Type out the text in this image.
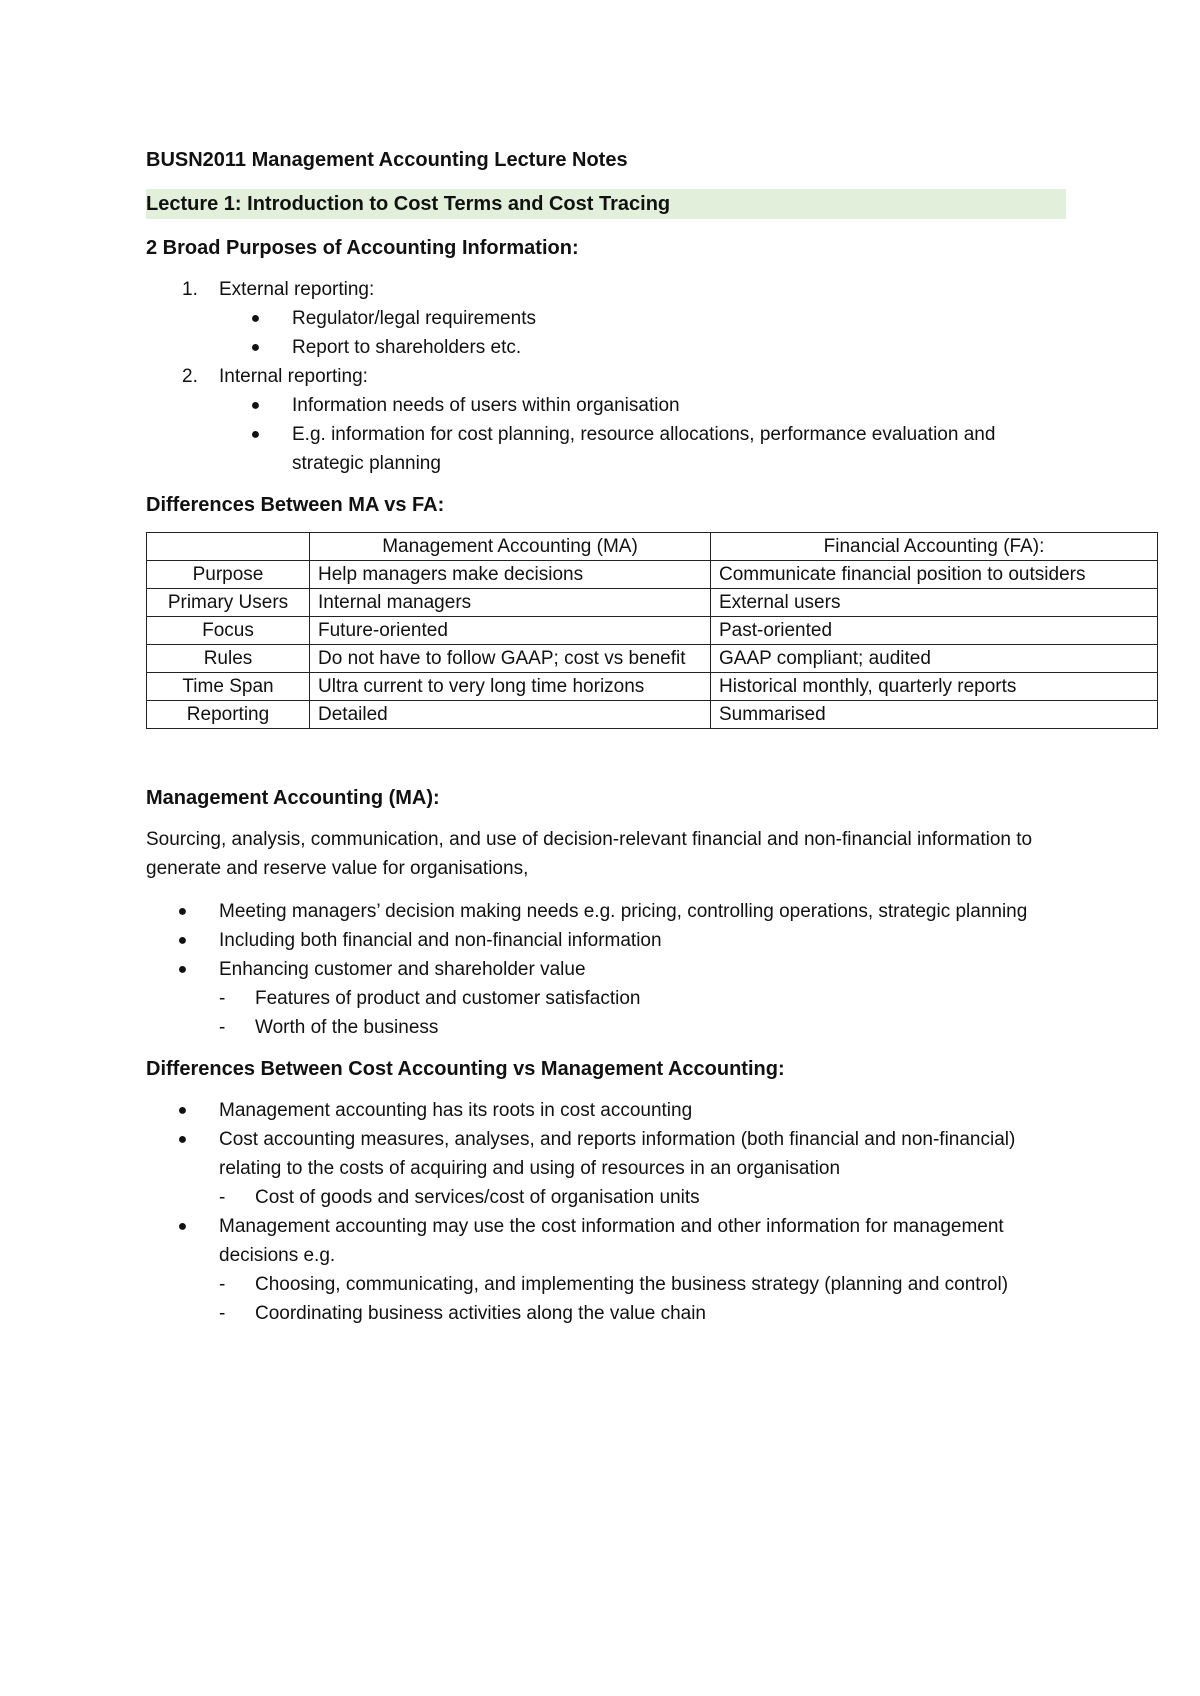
BUSN2011 Management Accounting Lecture Notes
Lecture 1: Introduction to Cost Terms and Cost Tracing
2 Broad Purposes of Accounting Information:
1. External reporting:
●	Regulator/legal requirements
●	Report to shareholders etc.
2. Internal reporting:
●	Information needs of users within organisation
●	E.g. information for cost planning, resource allocations, performance evaluation and strategic planning
Differences Between MA vs FA:
	Management Accounting (MA)	Financial Accounting (FA):
Purpose	Help managers make decisions	Communicate financial position to outsiders
Primary Users	Internal managers	External users
Focus	Future-oriented	Past-oriented
Rules	Do not have to follow GAAP; cost vs benefit	GAAP compliant; audited
Time Span	Ultra current to very long time horizons	Historical monthly, quarterly reports
Reporting	Detailed	Summarised
Management Accounting (MA):

Sourcing, analysis, communication, and use of decision-relevant financial and non-financial information to generate and reserve value for organisations,

●	Meeting managers’ decision making needs e.g. pricing, controlling operations, strategic planning
●	Including both financial and non-financial information
●	Enhancing customer and shareholder value
- Features of product and customer satisfaction
- Worth of the business
Differences Between Cost Accounting vs Management Accounting:
●	Management accounting has its roots in cost accounting
●	Cost accounting measures, analyses, and reports information (both financial and non-financial) relating to the costs of acquiring and using of resources in an organisation
- Cost of goods and services/cost of organisation units
●	Management accounting may use the cost information and other information for management decisions e.g.
- Choosing, communicating, and implementing the business strategy (planning and control)
- Coordinating business activities along the value chain
